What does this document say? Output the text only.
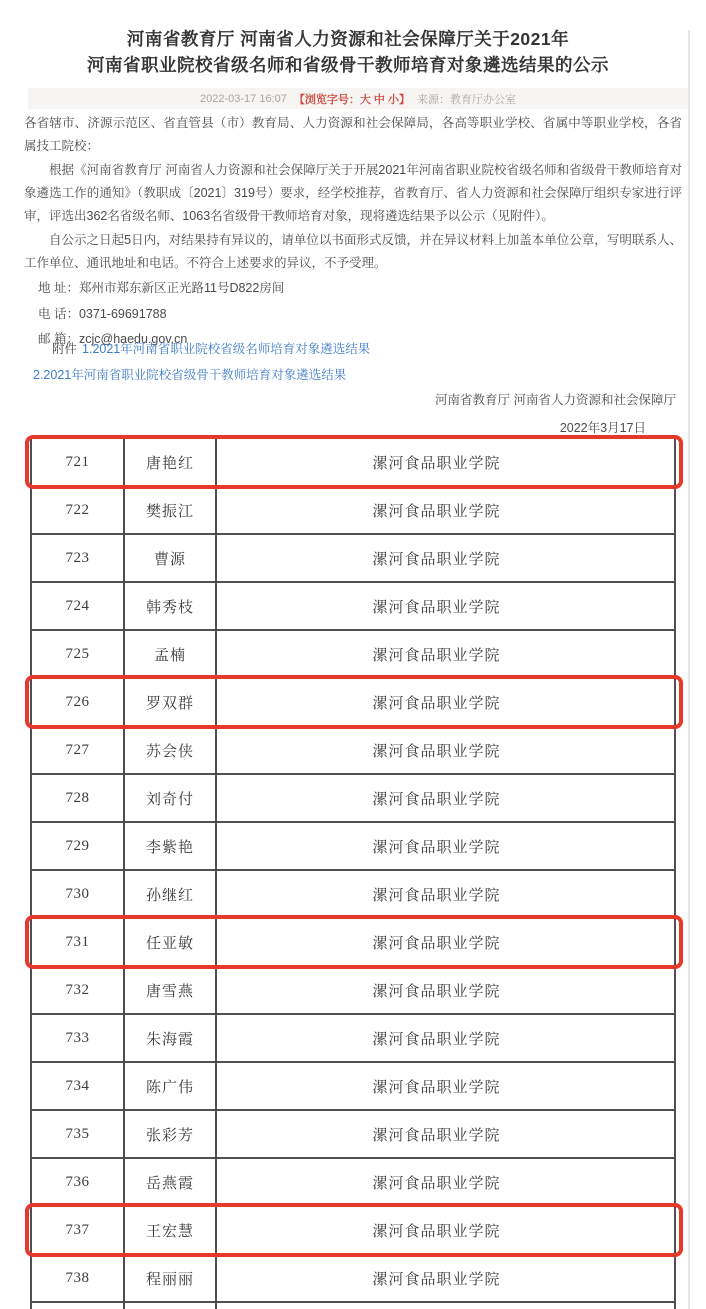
河南省教育厅 河南省人力资源和社会保障厅关于2021年
河南省职业院校省级名师和省级骨干教师培育对象遴选结果的公示
2022-03-17 16:07 【浏览字号：大 中 小】 来源：教育厅办公室

各省辖市、济源示范区、省直管县（市）教育局、人力资源和社会保障局，各高等职业学校、省属中等职业学校，各省属技工院校：

根据《河南省教育厅 河南省人力资源和社会保障厅关于开展2021年河南省职业院校省级名师和省级骨干教师培育对象遴选工作的通知》（教职成〔2021〕319号）要求，经学校推荐，省教育厅、省人力资源和社会保障厅组织专家进行评审，评选出362名省级名师、1063名省级骨干教师培育对象，现将遴选结果予以公示（见附件）。

自公示之日起5日内，对结果持有异议的，请单位以书面形式反馈，并在异议材料上加盖本单位公章，写明联系人、工作单位、通讯地址和电话。不符合上述要求的异议，不予受理。

地 址：郑州市郑东新区正光路11号D822房间

电 话：0371-69691788

邮 箱：zcjc@haedu.gov.cn

附件 1.2021年河南省职业院校省级名师培育对象遴选结果

2.2021年河南省职业院校省级骨干教师培育对象遴选结果

河南省教育厅 河南省人力资源和社会保障厅

2022年3月17日

721	唐艳红	漯河食品职业学院
722	樊振江	漯河食品职业学院
723	曹源	漯河食品职业学院
724	韩秀枝	漯河食品职业学院
725	孟楠	漯河食品职业学院
726	罗双群	漯河食品职业学院
727	苏会侠	漯河食品职业学院
728	刘奇付	漯河食品职业学院
729	李紫艳	漯河食品职业学院
730	孙继红	漯河食品职业学院
731	任亚敏	漯河食品职业学院
732	唐雪燕	漯河食品职业学院
733	朱海霞	漯河食品职业学院
734	陈广伟	漯河食品职业学院
735	张彩芳	漯河食品职业学院
736	岳燕霞	漯河食品职业学院
737	王宏慧	漯河食品职业学院
738	程丽丽	漯河食品职业学院
